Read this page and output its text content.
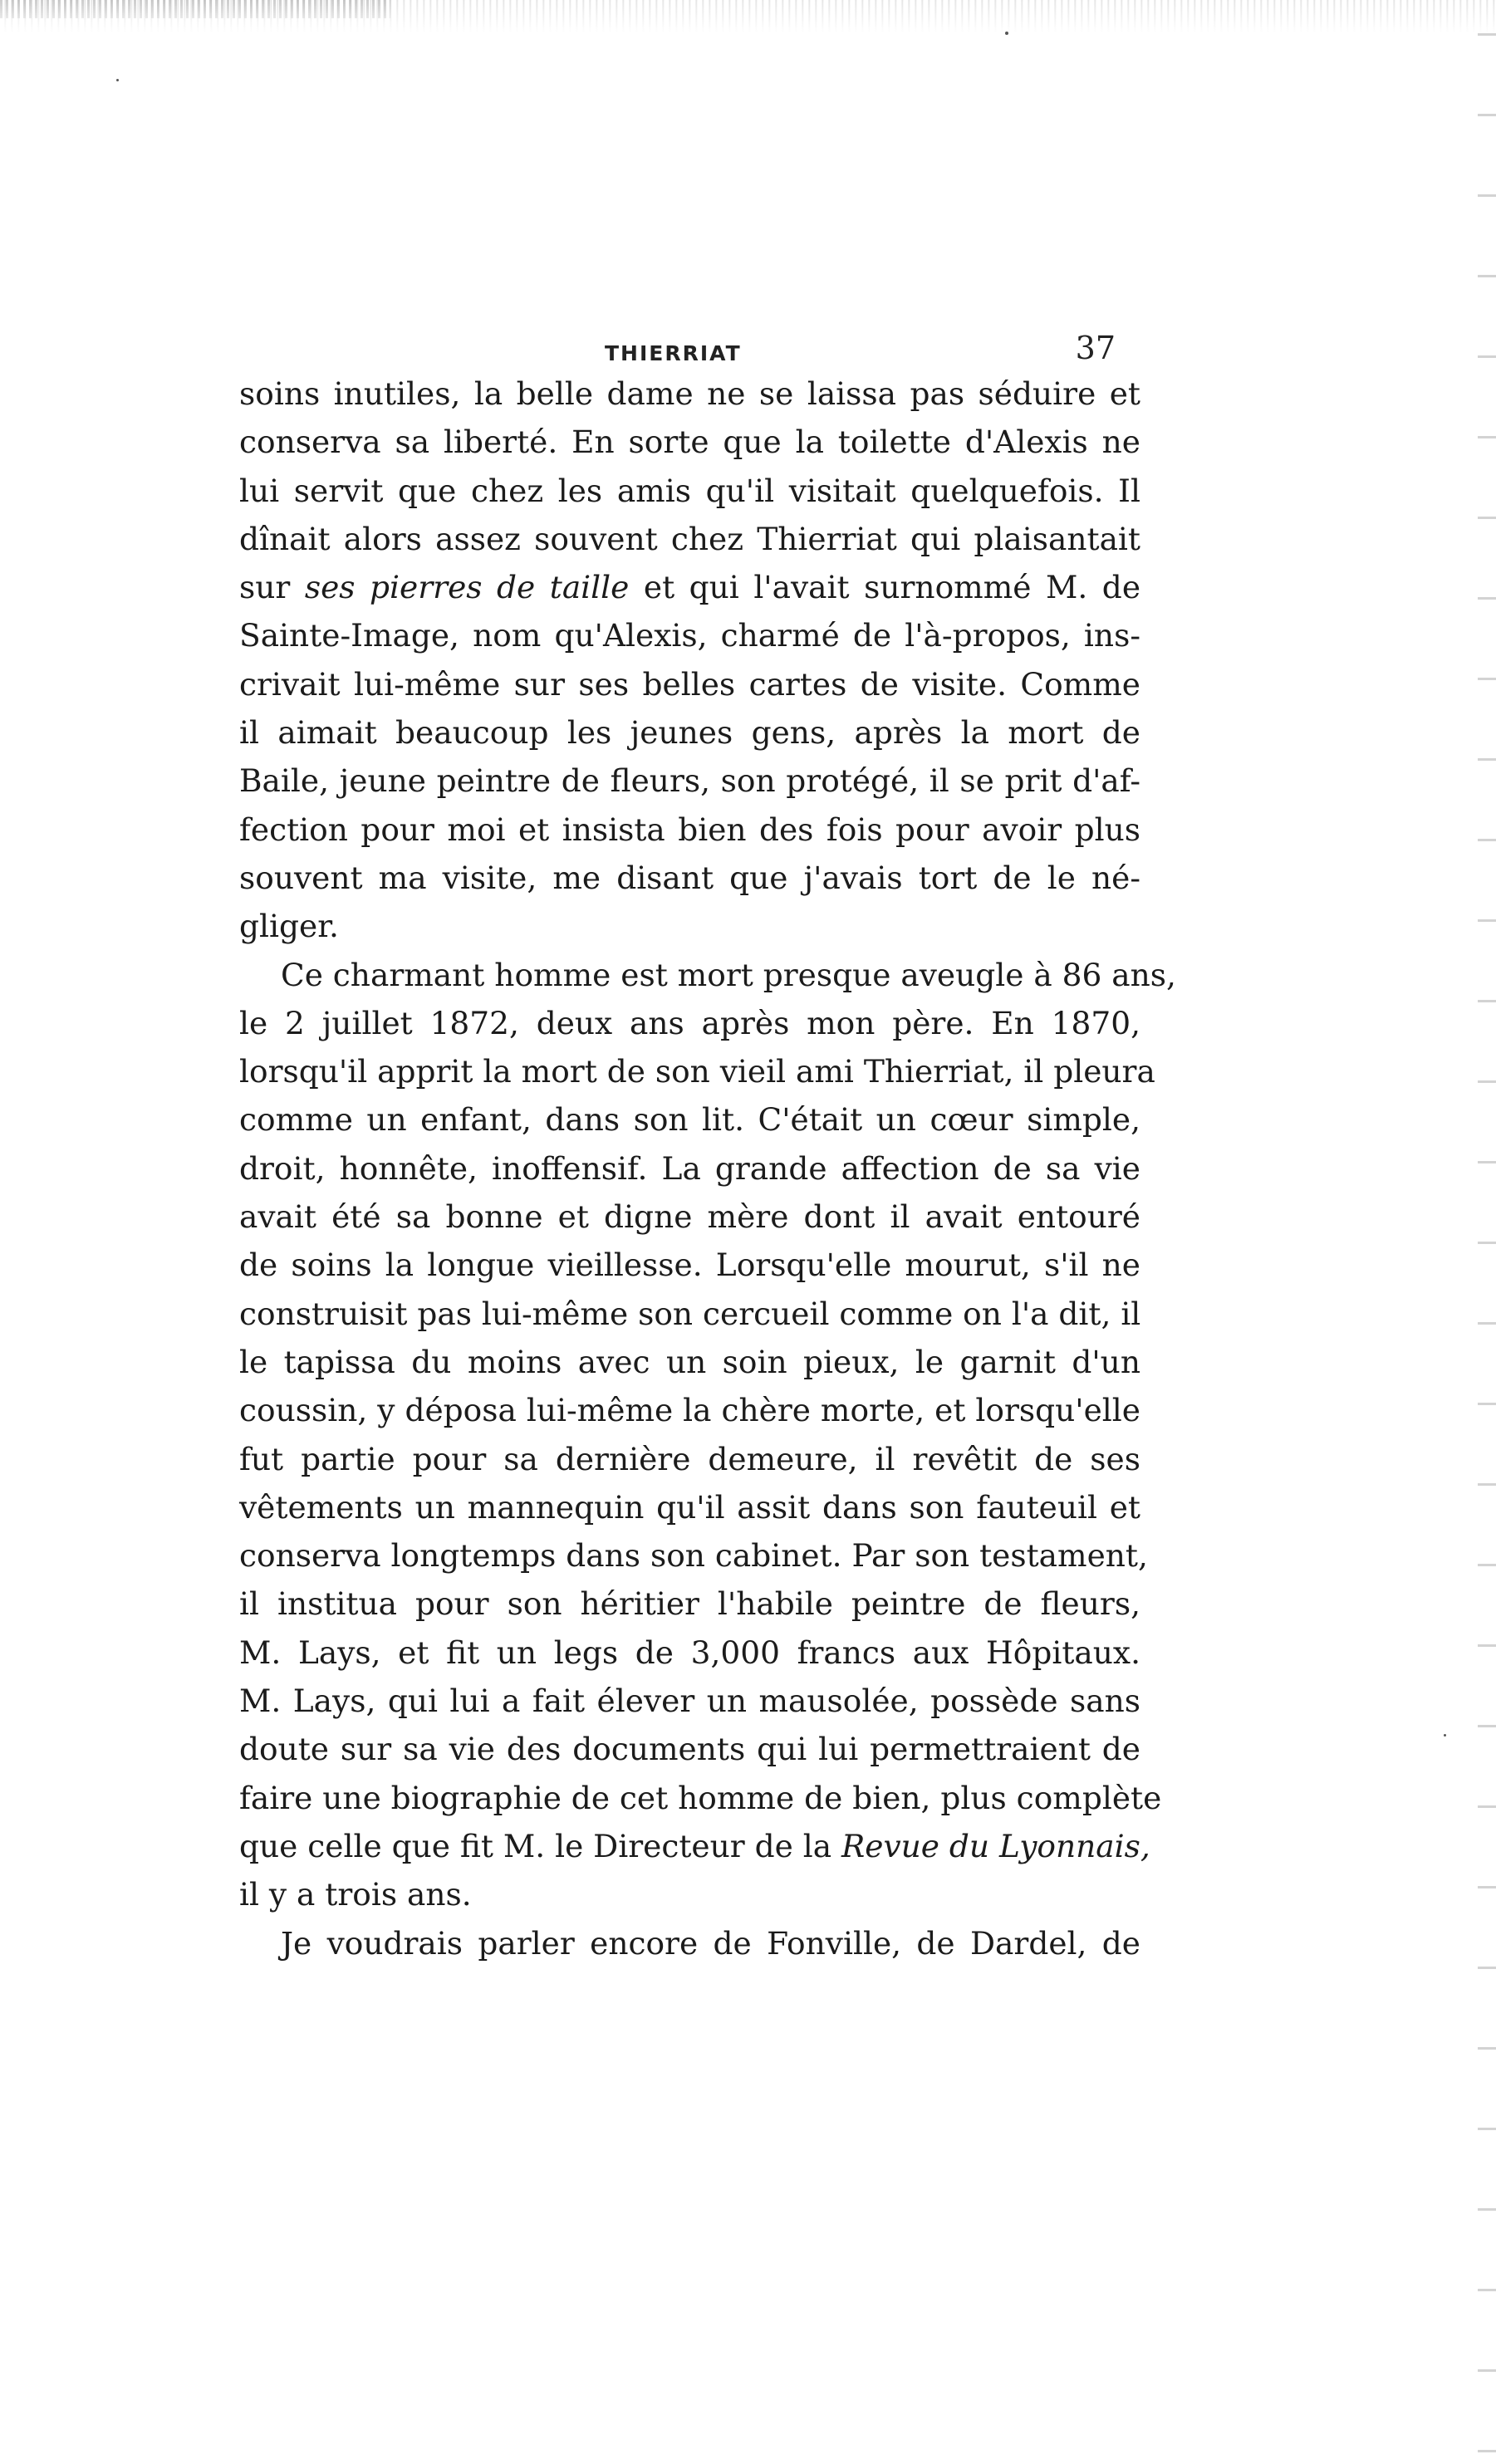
THIERRIAT	37

soins inutiles, la belle dame ne se laissa pas séduire et

conserva sa liberté. En sorte que la toilette d'Alexis ne

lui servit que chez les amis qu'il visitait quelquefois. Il

dînait alors assez souvent chez Thierriat qui plaisantait

sur ses pierres de taille et qui l'avait surnommé M. de

Sainte-Image, nom qu'Alexis, charmé de l'à-propos, ins-

crivait lui-même sur ses belles cartes de visite. Comme

il aimait beaucoup les jeunes gens, après la mort de

Baile, jeune peintre de fleurs, son protégé, il se prit d'af-

fection pour moi et insista bien des fois pour avoir plus

souvent ma visite, me disant que j'avais tort de le né-

gliger.

Ce charmant homme est mort presque aveugle à 86 ans,

le 2 juillet 1872, deux ans après mon père. En 1870,

lorsqu'il apprit la mort de son vieil ami Thierriat, il pleura

comme un enfant, dans son lit. C'était un cœur simple,

droit, honnête, inoffensif. La grande affection de sa vie

avait été sa bonne et digne mère dont il avait entouré

de soins la longue vieillesse. Lorsqu'elle mourut, s'il ne

construisit pas lui-même son cercueil comme on l'a dit, il

le tapissa du moins avec un soin pieux, le garnit d'un

coussin, y déposa lui-même la chère morte, et lorsqu'elle

fut partie pour sa dernière demeure, il revêtit de ses

vêtements un mannequin qu'il assit dans son fauteuil et

conserva longtemps dans son cabinet. Par son testament,

il institua pour son héritier l'habile peintre de fleurs,

M. Lays, et fit un legs de 3,000 francs aux Hôpitaux.

M. Lays, qui lui a fait élever un mausolée, possède sans

doute sur sa vie des documents qui lui permettraient de

faire une biographie de cet homme de bien, plus complète

que celle que fit M. le Directeur de la Revue du Lyonnais,

il y a trois ans.

Je voudrais parler encore de Fonville, de Dardel, de
